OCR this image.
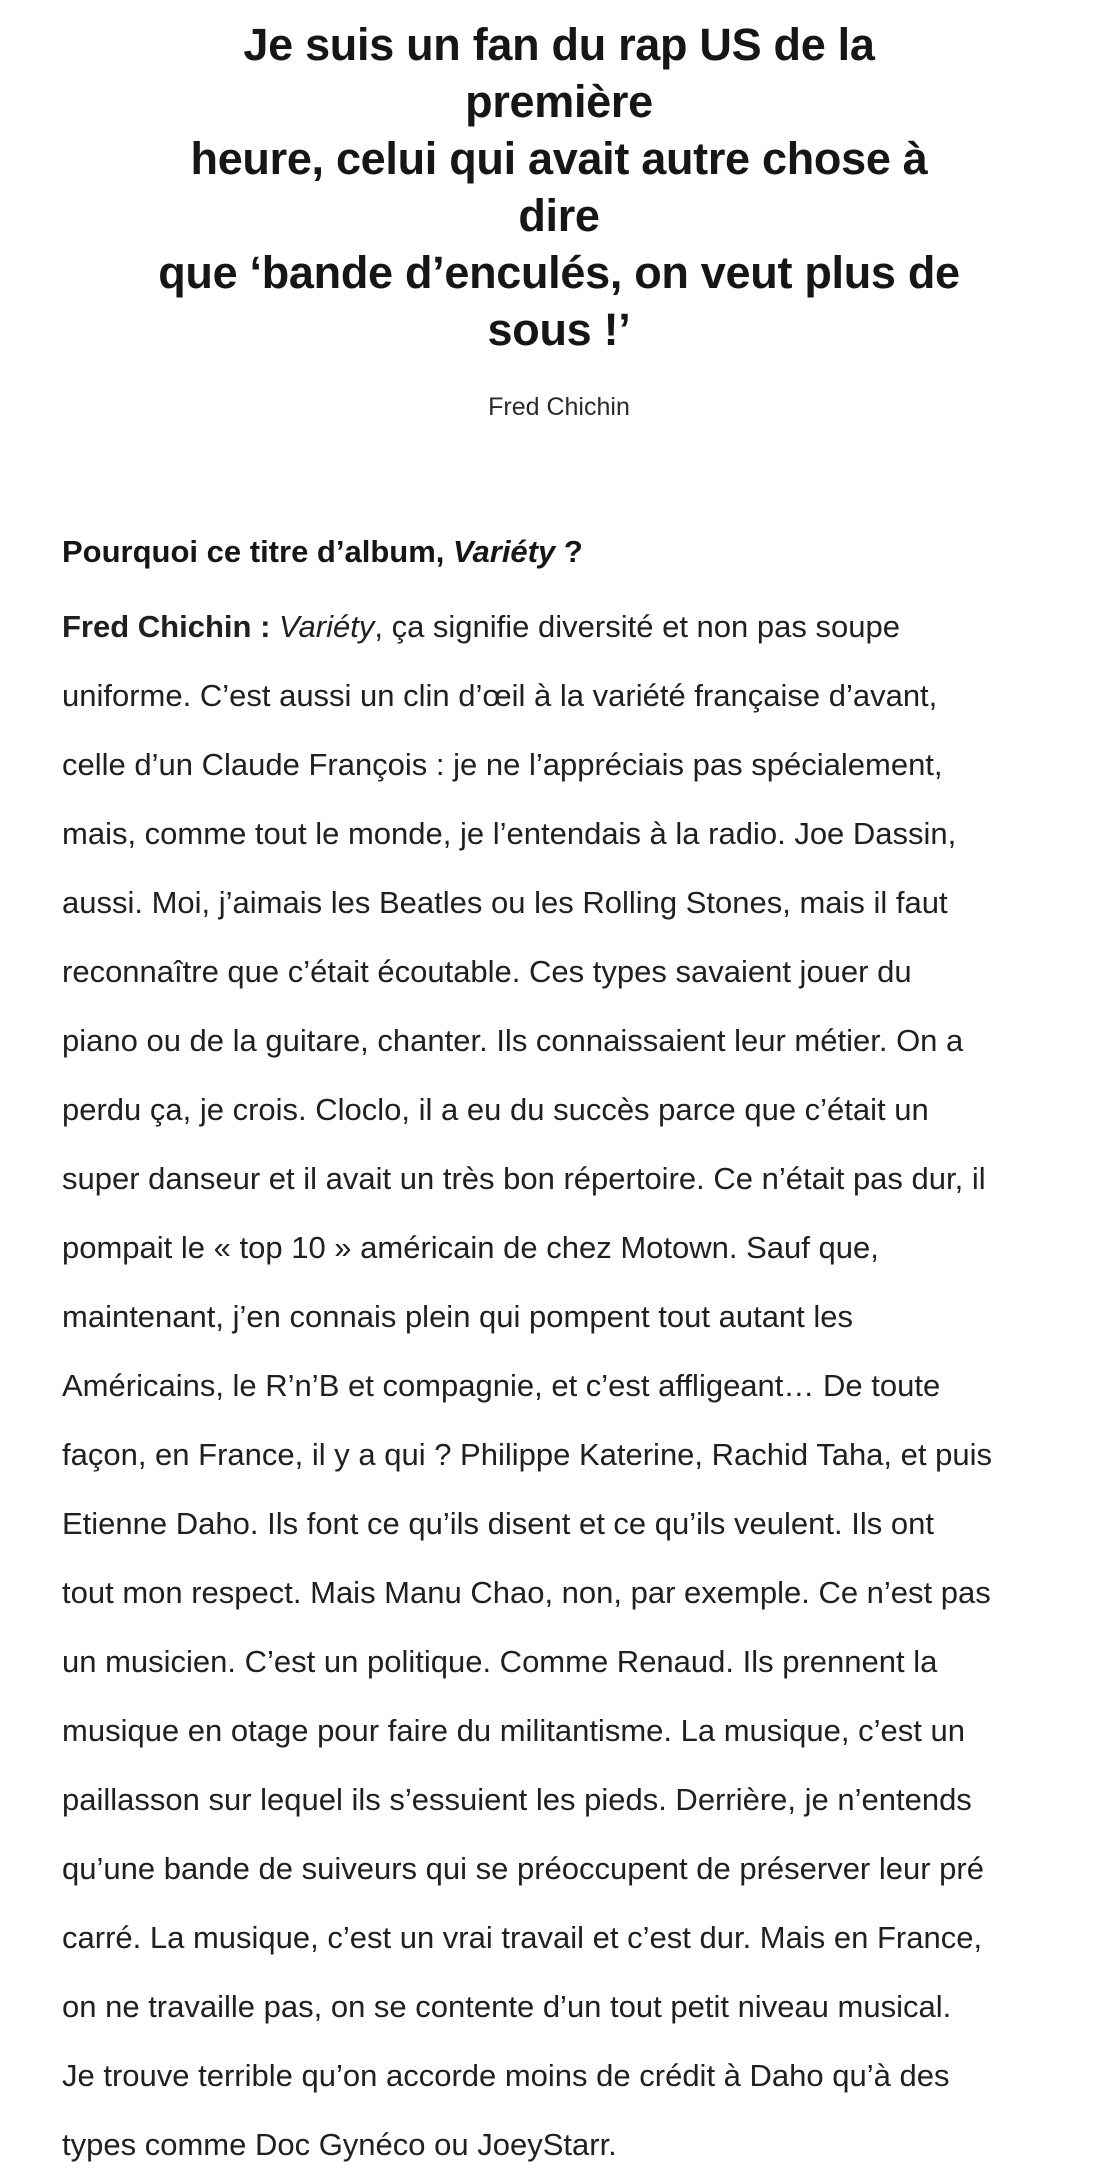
Je suis un fan du rap US de la première
heure, celui qui avait autre chose à dire
que ‘bande d’enculés, on veut plus de
sous !’
Fred Chichin
Pourquoi ce titre d’album, Variéty ?
Fred Chichin : Variéty, ça signifie diversité et non pas soupe
uniforme. C’est aussi un clin d’œil à la variété française d’avant,
celle d’un Claude François : je ne l’appréciais pas spécialement,
mais, comme tout le monde, je l’entendais à la radio. Joe Dassin,
aussi. Moi, j’aimais les Beatles ou les Rolling Stones, mais il faut
reconnaître que c’était écoutable. Ces types savaient jouer du
piano ou de la guitare, chanter. Ils connaissaient leur métier. On a
perdu ça, je crois. Cloclo, il a eu du succès parce que c’était un
super danseur et il avait un très bon répertoire. Ce n’était pas dur, il
pompait le « top 10 » américain de chez Motown. Sauf que,
maintenant, j’en connais plein qui pompent tout autant les
Américains, le R’n’B et compagnie, et c’est affligeant… De toute
façon, en France, il y a qui ? Philippe Katerine, Rachid Taha, et puis
Etienne Daho. Ils font ce qu’ils disent et ce qu’ils veulent. Ils ont
tout mon respect. Mais Manu Chao, non, par exemple. Ce n’est pas
un musicien. C’est un politique. Comme Renaud. Ils prennent la
musique en otage pour faire du militantisme. La musique, c’est un
paillasson sur lequel ils s’essuient les pieds. Derrière, je n’entends
qu’une bande de suiveurs qui se préoccupent de préserver leur pré
carré. La musique, c’est un vrai travail et c’est dur. Mais en France,
on ne travaille pas, on se contente d’un tout petit niveau musical.
Je trouve terrible qu’on accorde moins de crédit à Daho qu’à des
types comme Doc Gynéco ou JoeyStarr.
